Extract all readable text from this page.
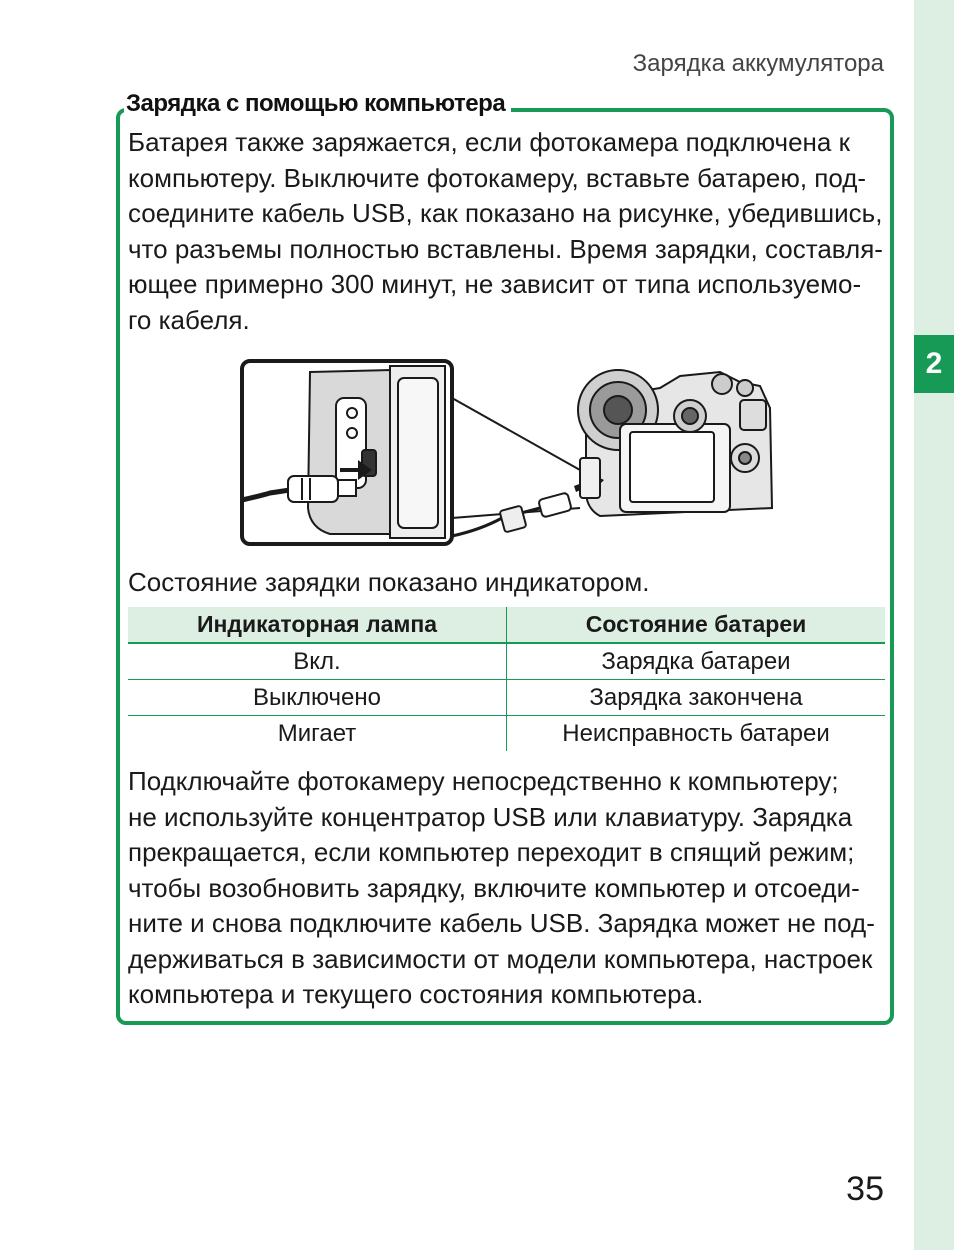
2
Зарядка аккумулятора
Зарядка с помощью компьютера
Батарея также заряжается, если фотокамера подключена к
компьютеру. Выключите фотокамеру, вставьте батарею, под-
соедините кабель USB, как показано на рисунке, убедившись,
что разъемы полностью вставлены. Время зарядки, составля-
ющее примерно 300 минут, не зависит от типа используемо-
го кабеля.
Состояние зарядки показано индикатором.
Индикаторная лампа	Состояние батареи
Вкл.	Зарядка батареи
Выключено	Зарядка закончена
Мигает	Неисправность батареи
Подключайте фотокамеру непосредственно к компьютеру;
не используйте концентратор USB или клавиатуру. Зарядка
прекращается, если компьютер переходит в спящий режим;
чтобы возобновить зарядку, включите компьютер и отсоеди-
ните и снова подключите кабель USB. Зарядка может не под-
держиваться в зависимости от модели компьютера, настроек
компьютера и текущего состояния компьютера.
35
